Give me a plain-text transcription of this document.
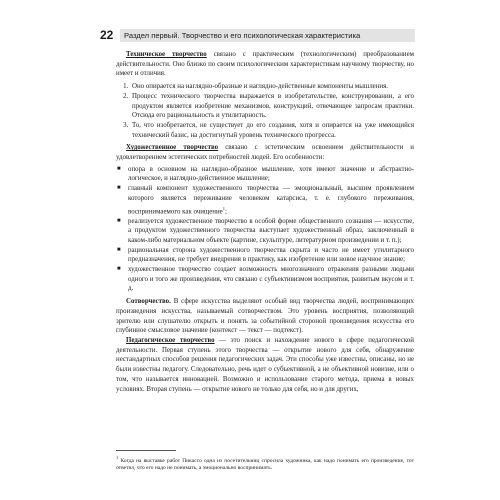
22 Раздел первый. Творчество и его психологическая характеристика

Техническое творчество связано с практическим (технологическим) преобразованием действительности. Оно близко по своим психологическим характеристикам научному творчеству, но имеет и отличия.

1. Оно опирается на наглядно-образные и наглядно-действенные компоненты мышления.
2. Процесс технического творчества выражается в изобретательстве, конструировании, а его продуктом является изобретение механизмов, конструкций, отвечающее запросам практики. Отсюда его рациональность и утилитарность.
3. То, что изобретается, не существует до его создания, хотя и опирается на уже имеющийся технический базис, на достигнутый уровень технического прогресса.

Художественное творчество связано с эстетическим освоением действительности и удовлетворением эстетических потребностей людей. Его особенности:

■ опора в основном на наглядно-образное мышление, хотя имеют значение и абстрактно-логическое, и наглядно-действенное мышление;
■ главный компонент художественного творчества — эмоциональный, высшим проявлением которого является переживание человеком катарсиса, т. е. глубокого переживания, воспринимаемого как очищение$^1$;
■ реализуется художественное творчество в особой форме общественного сознания — искусстве, а продуктом художественного творчества выступает художественный образ, заключенный в каком-либо материальном объекте (картине, скульптуре, литературном произведении и т. п.);
■ рациональная сторона художественного творчества скрыта и часто не имеет утилитарного предназначения, не требует внедрения в практику, как изобретение или новое научное знание;
■ художественное творчество создает возможность многозначного отражения разными людьми одного и того же произведения, что связано с субъективизмом восприятия, развитым вкусом и т. д.

Сотворчество. В сфере искусства выделяют особый вид творчества людей, воспринимающих произведения искусства, называемый сотворчеством. Это уровень восприятия, позволяющий зрителю или слушателю открыть и понять за событийной стороной произведения искусства его глубинное смысловое значение (контекст — текст — подтекст).

Педагогическое творчество — это поиск и нахождение нового в сфере педагогической деятельности. Первая ступень этого творчества — открытие нового для себя, обнаружение нестандартных способов решения педагогических задач. Эти способы уже известны, описаны, но не были известны педагогу. Следовательно, речь идет о субъективной, а не объективной новизне, или о том, что называется инновацией. Возможно и использование старого метода, приема в новых условиях. Вторая ступень — открытие нового не только для себя, но и для других,

$^1$ Когда на выставке работ Пикассо одна из посетительниц спросила художника, как надо понимать его произведение, тот ответил, что его надо не понимать, а эмоционально воспринимать.
